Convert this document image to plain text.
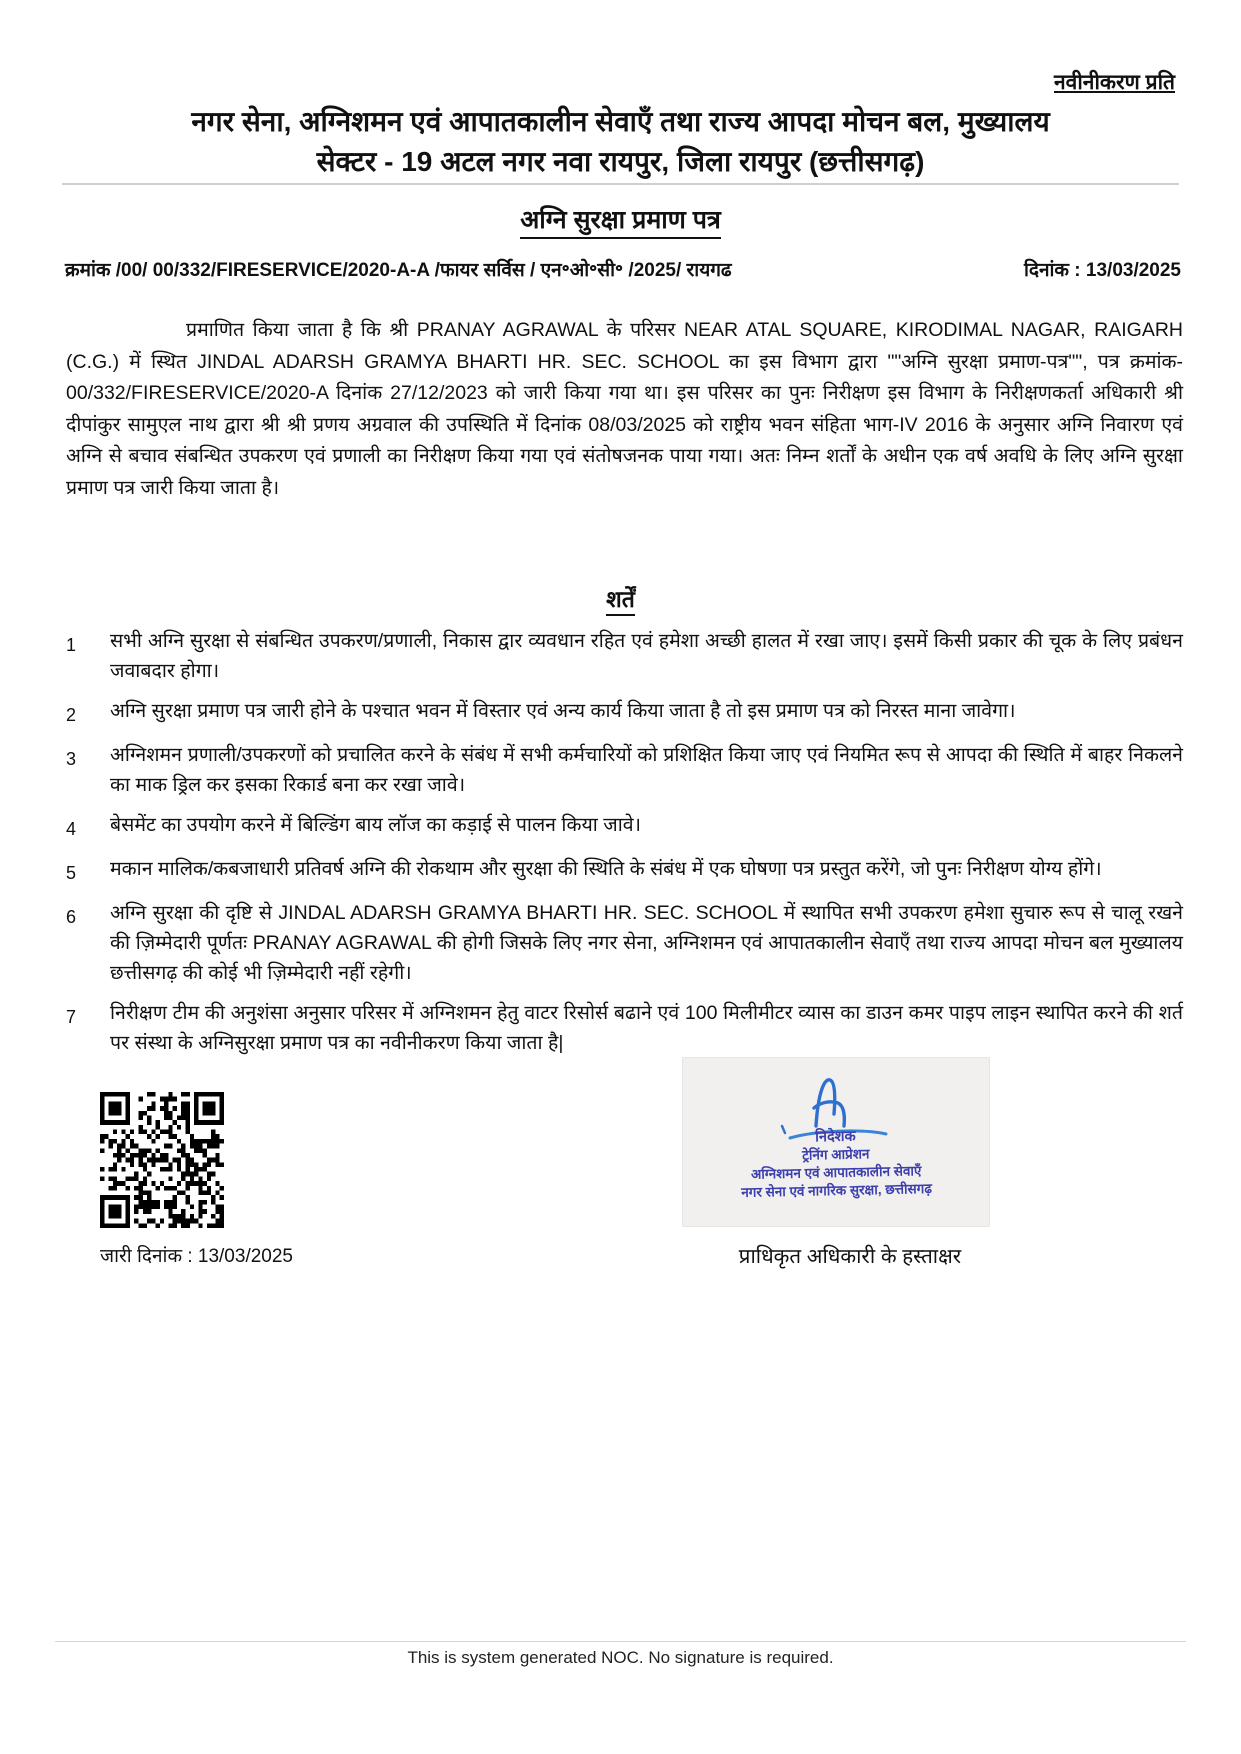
नवीनीकरण प्रति
नगर सेना, अग्निशमन एवं आपातकालीन सेवाएँ तथा राज्य आपदा मोचन बल, मुख्यालय
सेक्टर - 19 अटल नगर नवा रायपुर, जिला रायपुर (छत्तीसगढ़)
अग्नि सुरक्षा प्रमाण पत्र
क्रमांक /00/ 00/332/FIRESERVICE/2020-A-A /फायर सर्विस / एन॰ओ॰सी॰ /2025/ रायगढ	दिनांक : 13/03/2025
प्रमाणित किया जाता है कि श्री PRANAY AGRAWAL के परिसर NEAR ATAL SQUARE, KIRODIMAL NAGAR, RAIGARH (C.G.) में स्थित JINDAL ADARSH GRAMYA BHARTI HR. SEC. SCHOOL का इस विभाग द्वारा ""अग्नि सुरक्षा प्रमाण-पत्र"", पत्र क्रमांक- 00/332/FIRESERVICE/2020-A दिनांक 27/12/2023 को जारी किया गया था। इस परिसर का पुनः निरीक्षण इस विभाग के निरीक्षणकर्ता अधिकारी श्री दीपांकुर सामुएल नाथ द्वारा श्री श्री प्रणय अग्रवाल की उपस्थिति में दिनांक 08/03/2025 को राष्ट्रीय भवन संहिता भाग-IV 2016 के अनुसार अग्नि निवारण एवं अग्नि से बचाव संबन्धित उपकरण एवं प्रणाली का निरीक्षण किया गया एवं संतोषजनक पाया गया। अतः निम्न शर्तों के अधीन एक वर्ष अवधि के लिए अग्नि सुरक्षा प्रमाण पत्र जारी किया जाता है।
शर्तें
1	सभी अग्नि सुरक्षा से संबन्धित उपकरण/प्रणाली, निकास द्वार व्यवधान रहित एवं हमेशा अच्छी हालत में रखा जाए। इसमें किसी प्रकार की चूक के लिए प्रबंधन जवाबदार होगा।
2	अग्नि सुरक्षा प्रमाण पत्र जारी होने के पश्चात भवन में विस्तार एवं अन्य कार्य किया जाता है तो इस प्रमाण पत्र को निरस्त माना जावेगा।
3	अग्निशमन प्रणाली/उपकरणों को प्रचालित करने के संबंध में सभी कर्मचारियों को प्रशिक्षित किया जाए एवं नियमित रूप से आपदा की स्थिति में बाहर निकलने का माक ड्रिल कर इसका रिकार्ड बना कर रखा जावे।
4	बेसमेंट का उपयोग करने में बिल्डिंग बाय लॉज का कड़ाई से पालन किया जावे।
5	मकान मालिक/कबजाधारी प्रतिवर्ष अग्नि की रोकथाम और सुरक्षा की स्थिति के संबंध में एक घोषणा पत्र प्रस्तुत करेंगे, जो पुनः निरीक्षण योग्य होंगे।
6	अग्नि सुरक्षा की दृष्टि से JINDAL ADARSH GRAMYA BHARTI HR. SEC. SCHOOL में स्थापित सभी उपकरण हमेशा सुचारु रूप से चालू रखने की ज़िम्मेदारी पूर्णतः PRANAY AGRAWAL की होगी जिसके लिए नगर सेना, अग्निशमन एवं आपातकालीन सेवाएँ तथा राज्य आपदा मोचन बल मुख्यालय छत्तीसगढ़ की कोई भी ज़िम्मेदारी नहीं रहेगी।
7	निरीक्षण टीम की अनुशंसा अनुसार परिसर में अग्निशमन हेतु वाटर रिसोर्स बढाने एवं 100 मिलीमीटर व्यास का डाउन कमर पाइप लाइन स्थापित करने की शर्त पर संस्था के अग्निसुरक्षा प्रमाण पत्र का नवीनीकरण किया जाता है|
जारी दिनांक : 13/03/2025
निदेशक
ट्रेनिंग आप्रेशन
अग्निशमन एवं आपातकालीन सेवाएँ
नगर सेना एवं नागरिक सुरक्षा, छत्तीसगढ़
प्राधिकृत अधिकारी के हस्ताक्षर
This is system generated NOC. No signature is required.
